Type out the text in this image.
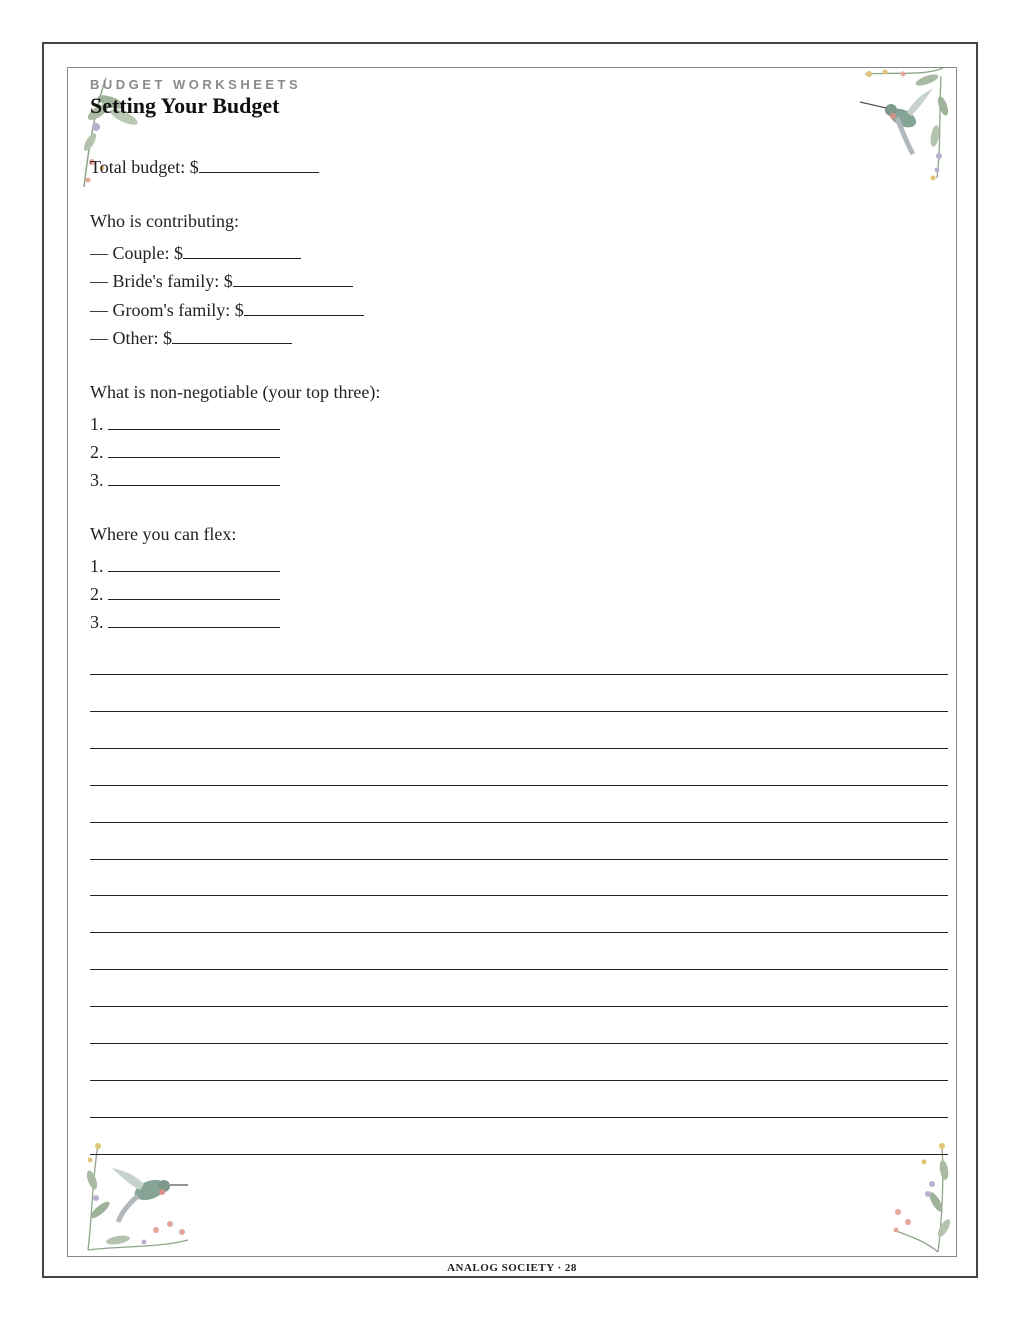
BUDGET WORKSHEETS
Setting Your Budget
Total budget: $
Who is contributing:
— Couple: $
— Bride's family: $
— Groom's family: $
— Other: $
What is non-negotiable (your top three):
1.
2.
3.
Where you can flex:
1.
2.
3.
ANALOG SOCIETY · 28
